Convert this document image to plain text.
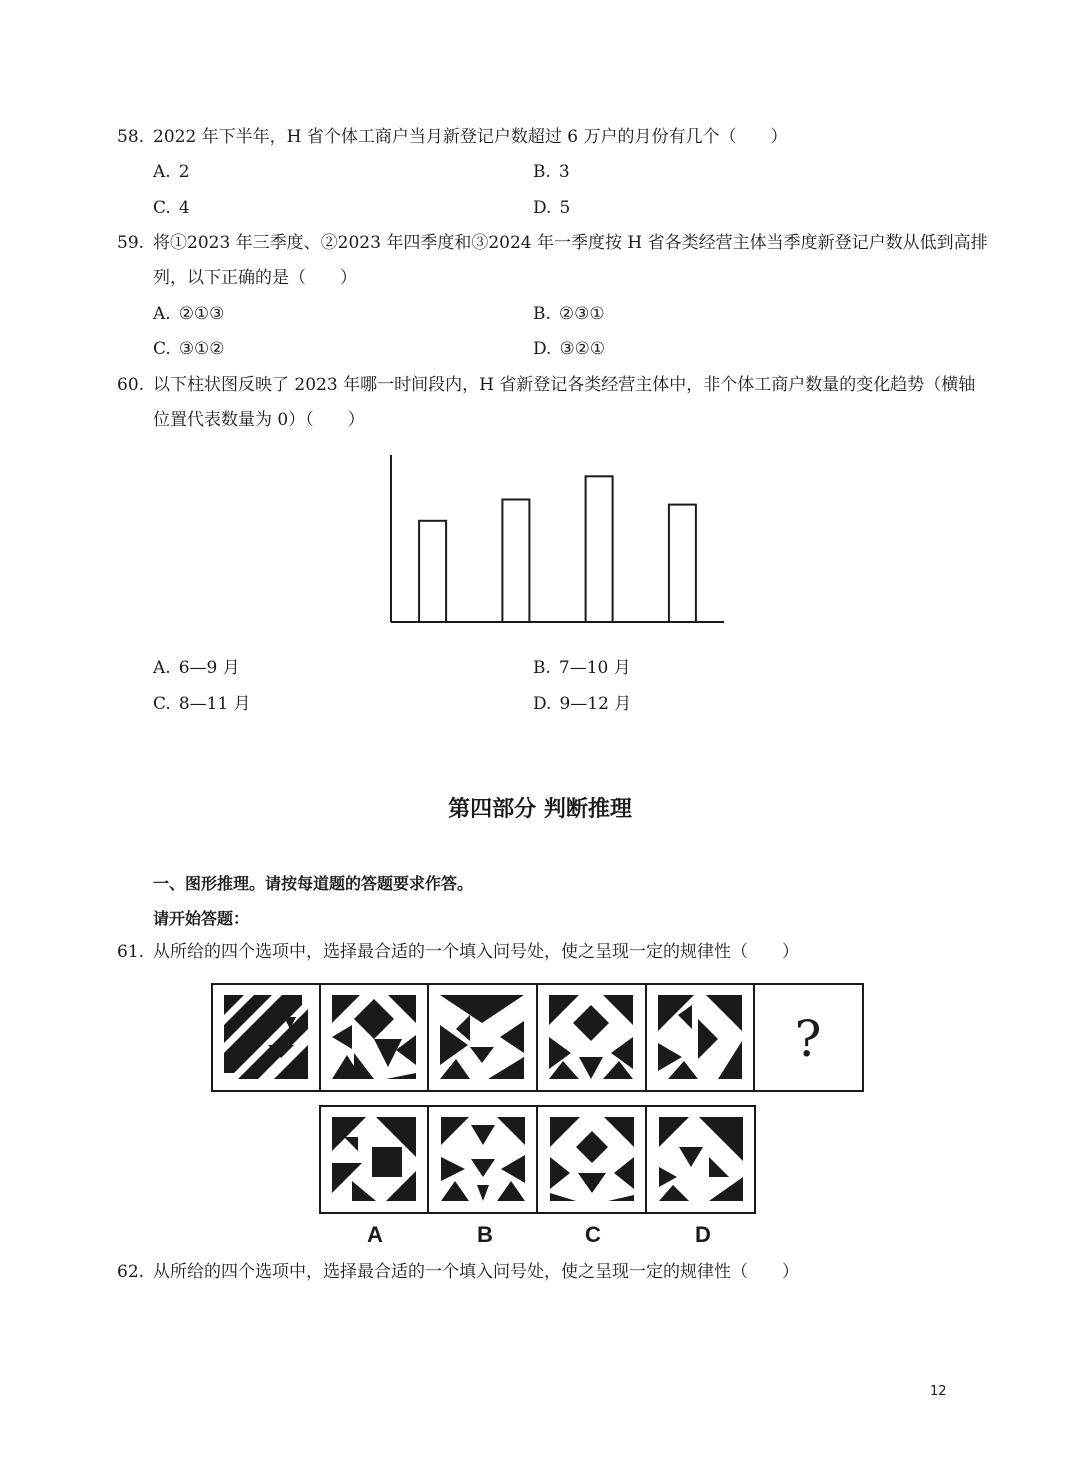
58. 2022 年下半年，H 省个体工商户当月新登记户数超过 6 万户的月份有几个（　　）
A. 2	B. 3
C. 4	D. 5
59. 将①2023 年三季度、②2023 年四季度和③2024 年一季度按 H 省各类经营主体当季度新登记户数从低到高排
列，以下正确的是（　　）
A. ②①③	B. ②③①
C. ③①②	D. ③②①
60. 以下柱状图反映了 2023 年哪一时间段内，H 省新登记各类经营主体中，非个体工商户数量的变化趋势（横轴
位置代表数量为 0）（　　）
A. 6—9 月	B. 7—10 月
C. 8—11 月	D. 9—12 月
第四部分 判断推理
一、图形推理。请按每道题的答题要求作答。
请开始答题：
61. 从所给的四个选项中，选择最合适的一个填入问号处，使之呈现一定的规律性（　　）
?
A	B	C	D
62. 从所给的四个选项中，选择最合适的一个填入问号处，使之呈现一定的规律性（　　）
12
